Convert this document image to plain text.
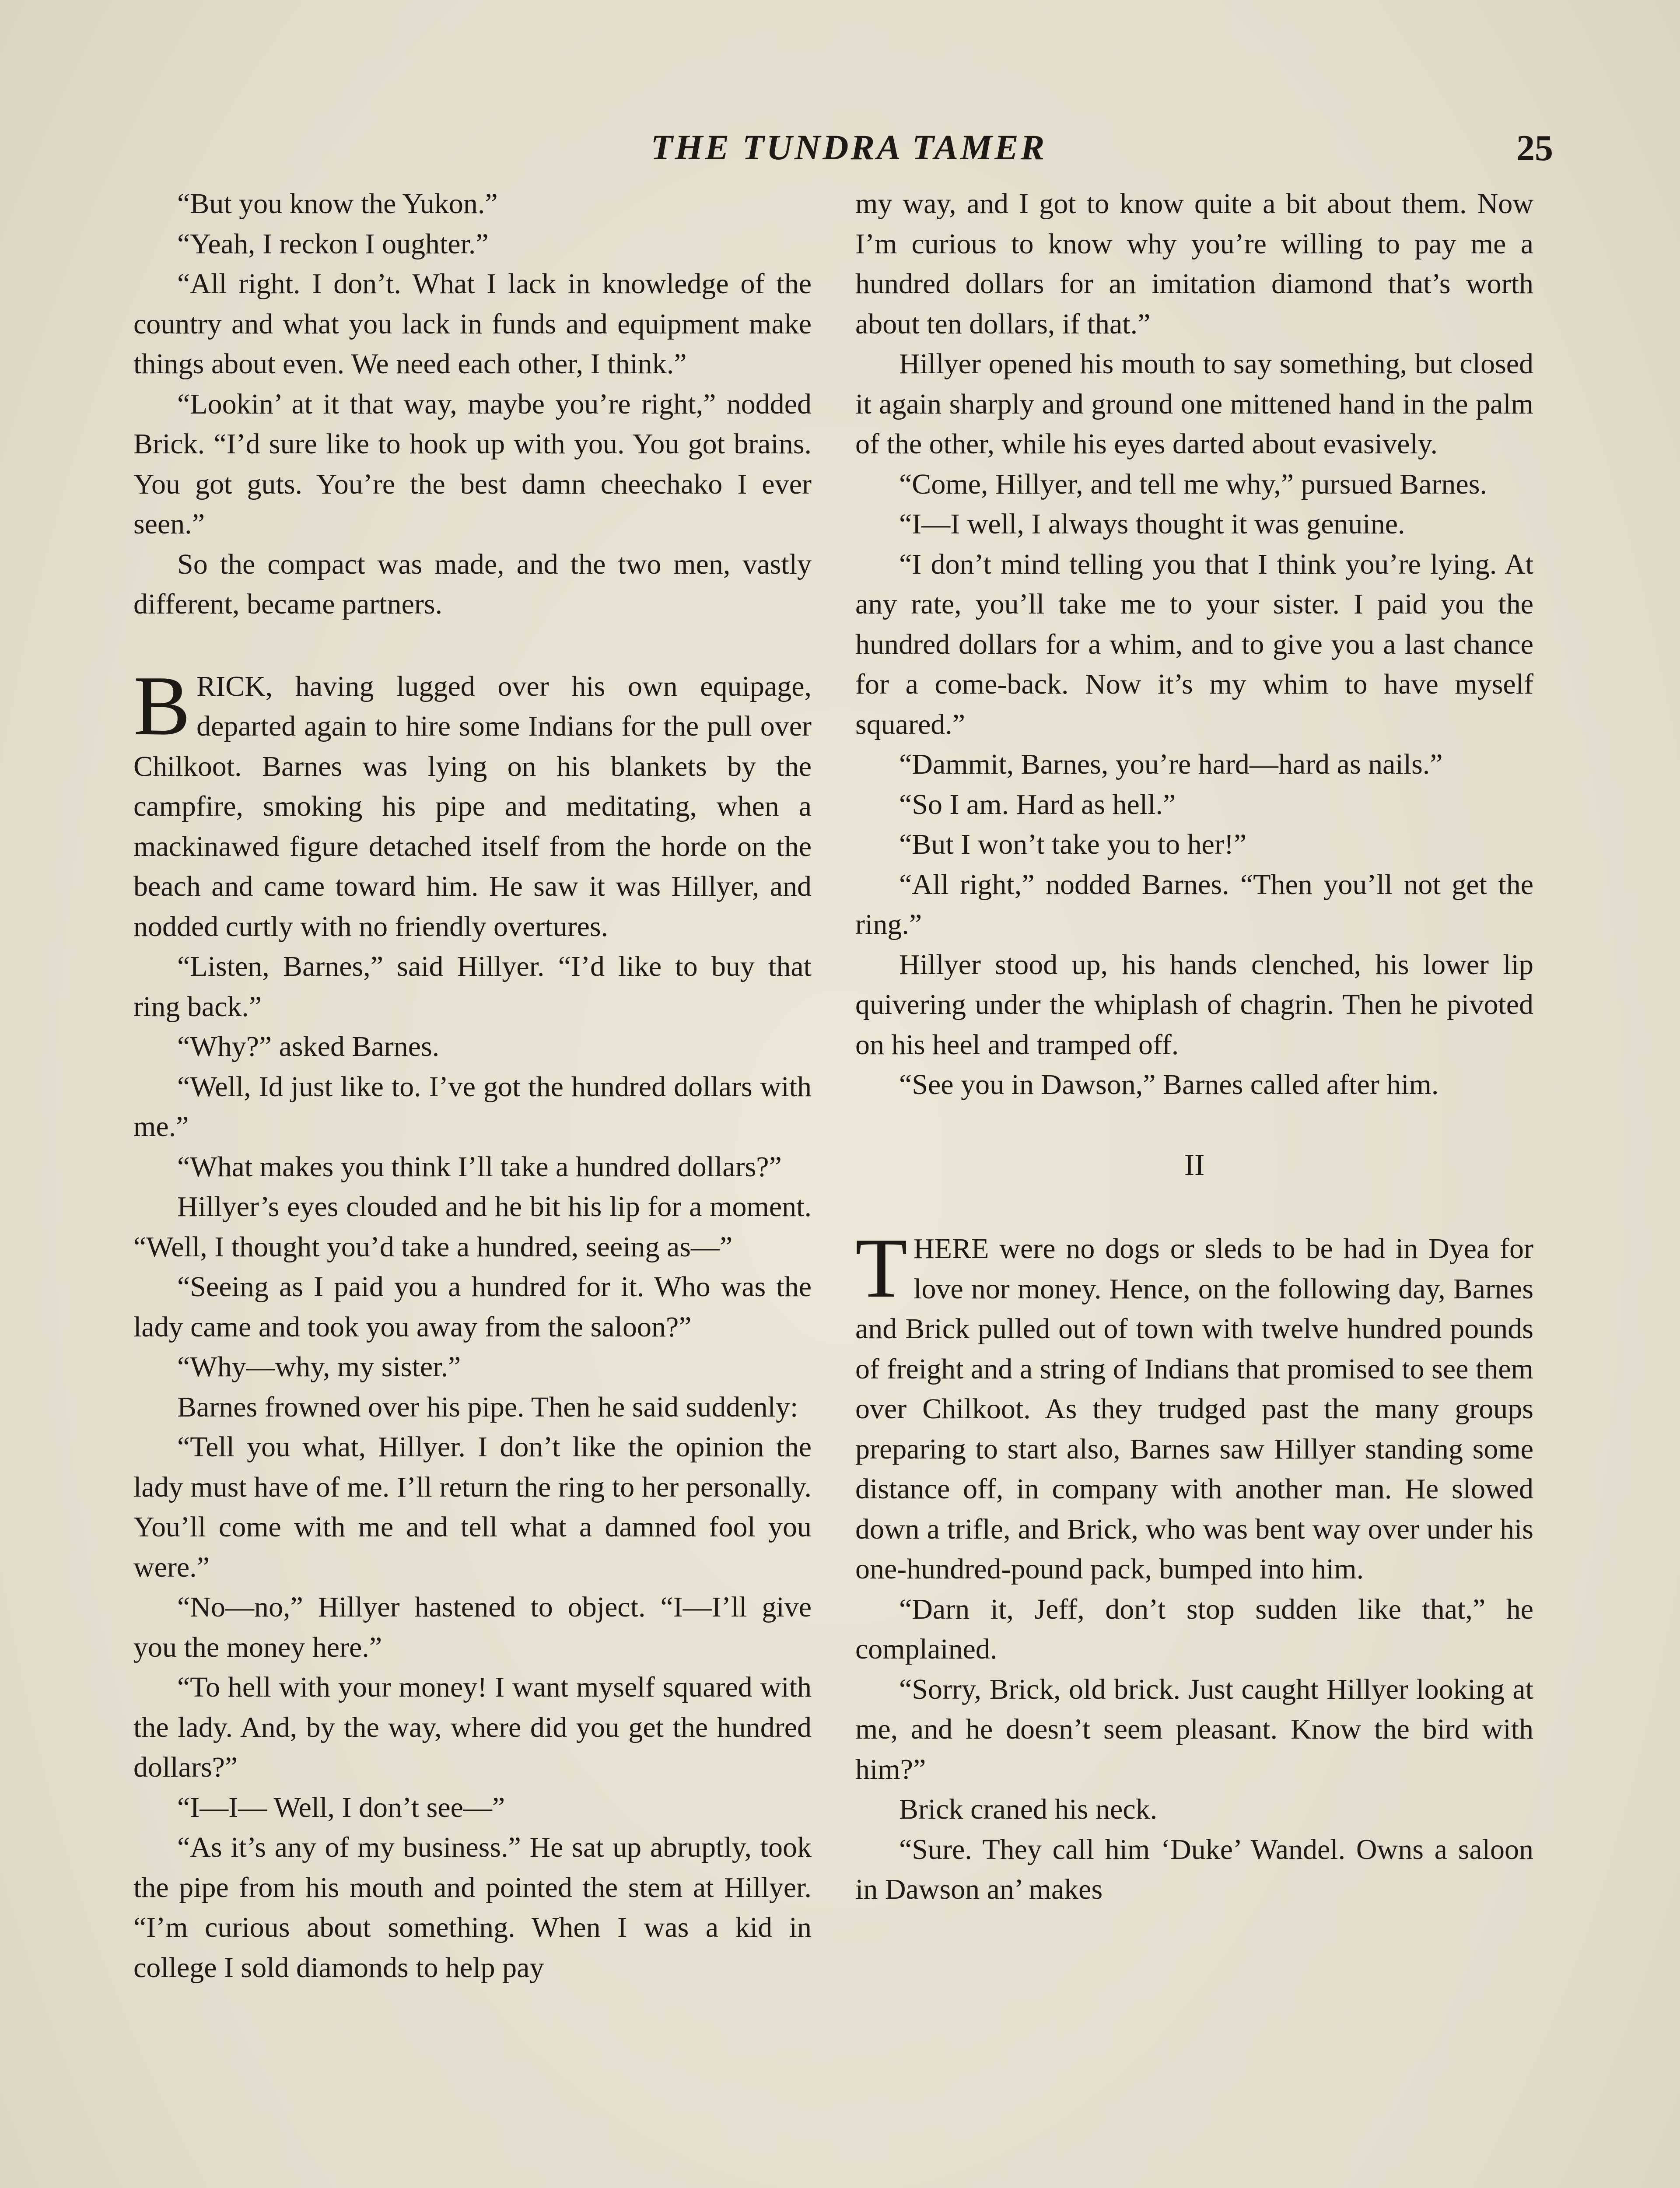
THE TUNDRA TAMER	25

“But you know the Yukon.”

“Yeah, I reckon I oughter.”

“All right. I don’t. What I lack in knowledge of the country and what you lack in funds and equipment make things about even. We need each other, I think.”

“Lookin’ at it that way, maybe you’re right,” nodded Brick. “I’d sure like to hook up with you. You got brains. You got guts. You’re the best damn cheechako I ever seen.”

So the compact was made, and the two men, vastly different, became partners.

BRICK, having lugged over his own equipage, departed again to hire some Indians for the pull over Chilkoot. Barnes was lying on his blankets by the campfire, smoking his pipe and meditating, when a mackinawed figure detached itself from the horde on the beach and came toward him. He saw it was Hillyer, and nodded curtly with no friendly overtures.

“Listen, Barnes,” said Hillyer. “I’d like to buy that ring back.”

“Why?” asked Barnes.

“Well, Id just like to. I’ve got the hundred dollars with me.”

“What makes you think I’ll take a hundred dollars?”

Hillyer’s eyes clouded and he bit his lip for a moment. “Well, I thought you’d take a hundred, seeing as—”

“Seeing as I paid you a hundred for it. Who was the lady came and took you away from the saloon?”

“Why—why, my sister.”

Barnes frowned over his pipe. Then he said suddenly:

“Tell you what, Hillyer. I don’t like the opinion the lady must have of me. I’ll return the ring to her personally. You’ll come with me and tell what a damned fool you were.”

“No—no,” Hillyer hastened to object. “I—I’ll give you the money here.”

“To hell with your money! I want myself squared with the lady. And, by the way, where did you get the hundred dollars?”

“I—I— Well, I don’t see—”

“As it’s any of my business.” He sat up abruptly, took the pipe from his mouth and pointed the stem at Hillyer. “I’m curious about something. When I was a kid in college I sold diamonds to help pay

my way, and I got to know quite a bit about them. Now I’m curious to know why you’re willing to pay me a hundred dollars for an imitation diamond that’s worth about ten dollars, if that.”

Hillyer opened his mouth to say something, but closed it again sharply and ground one mittened hand in the palm of the other, while his eyes darted about evasively.

“Come, Hillyer, and tell me why,” pursued Barnes.

“I—I well, I always thought it was genuine.

“I don’t mind telling you that I think you’re lying. At any rate, you’ll take me to your sister. I paid you the hundred dollars for a whim, and to give you a last chance for a come-back. Now it’s my whim to have myself squared.”

“Dammit, Barnes, you’re hard—hard as nails.”

“So I am. Hard as hell.”

“But I won’t take you to her!”

“All right,” nodded Barnes. “Then you’ll not get the ring.”

Hillyer stood up, his hands clenched, his lower lip quivering under the whiplash of chagrin. Then he pivoted on his heel and tramped off.

“See you in Dawson,” Barnes called after him.

II

THERE were no dogs or sleds to be had in Dyea for love nor money. Hence, on the following day, Barnes and Brick pulled out of town with twelve hundred pounds of freight and a string of Indians that promised to see them over Chilkoot. As they trudged past the many groups preparing to start also, Barnes saw Hillyer standing some distance off, in company with another man. He slowed down a trifle, and Brick, who was bent way over under his one-hundred-pound pack, bumped into him.

“Darn it, Jeff, don’t stop sudden like that,” he complained.

“Sorry, Brick, old brick. Just caught Hillyer looking at me, and he doesn’t seem pleasant. Know the bird with him?”

Brick craned his neck.

“Sure. They call him ‘Duke’ Wandel. Owns a saloon in Dawson an’ makes
